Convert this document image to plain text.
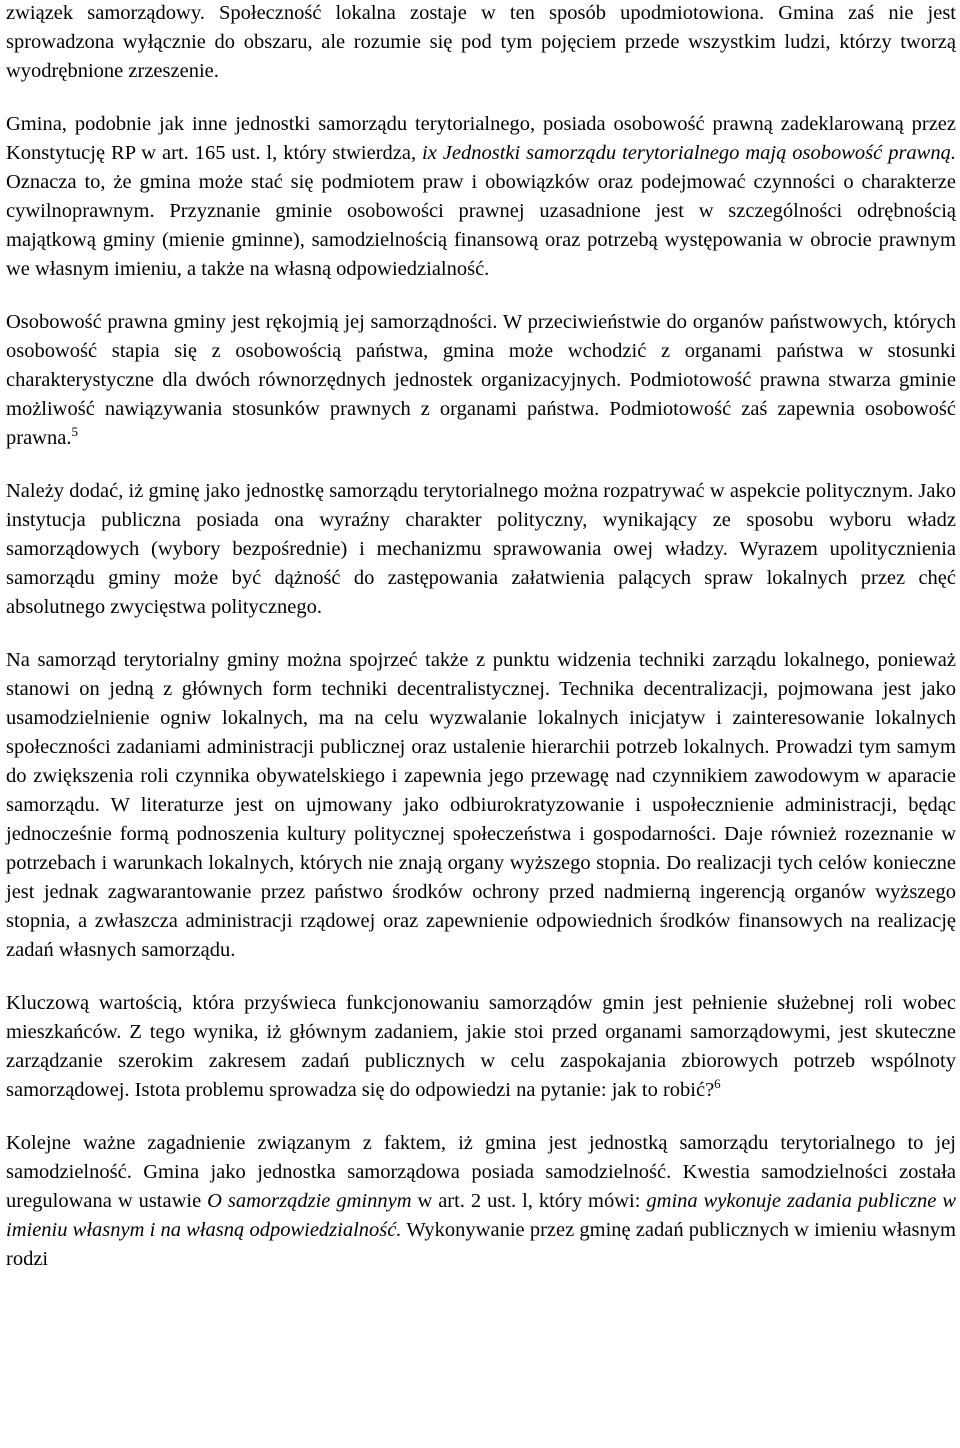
związek samorządowy. Społeczność lokalna zostaje w ten sposób upodmiotowiona. Gmina zaś nie jest sprowadzona wyłącznie do obszaru, ale rozumie się pod tym pojęciem przede wszystkim ludzi, którzy tworzą wyodrębnione zrzeszenie.

Gmina, podobnie jak inne jednostki samorządu terytorialnego, posiada osobowość prawną zadeklarowaną przez Konstytucję RP w art. 165 ust. l, który stwierdza, ix Jednostki samorządu terytorialnego mają osobowość prawną. Oznacza to, że gmina może stać się podmiotem praw i obowiązków oraz podejmować czynności o charakterze cywilnoprawnym. Przyznanie gminie osobowości prawnej uzasadnione jest w szczególności odrębnością majątkową gminy (mienie gminne), samodzielnością finansową oraz potrzebą występowania w obrocie prawnym we własnym imieniu, a także na własną odpowiedzialność.

Osobowość prawna gminy jest rękojmią jej samorządności. W przeciwieństwie do organów państwowych, których osobowość stapia się z osobowością państwa, gmina może wchodzić z organami państwa w stosunki charakterystyczne dla dwóch równorzędnych jednostek organizacyjnych. Podmiotowość prawna stwarza gminie możliwość nawiązywania stosunków prawnych z organami państwa. Podmiotowość zaś zapewnia osobowość prawna.$^5$

Należy dodać, iż gminę jako jednostkę samorządu terytorialnego można rozpatrywać w aspekcie politycznym. Jako instytucja publiczna posiada ona wyraźny charakter polityczny, wynikający ze sposobu wyboru władz samorządowych (wybory bezpośrednie) i mechanizmu sprawowania owej władzy. Wyrazem upolitycznienia samorządu gminy może być dążność do zastępowania załatwienia palących spraw lokalnych przez chęć absolutnego zwycięstwa politycznego.

Na samorząd terytorialny gminy można spojrzeć także z punktu widzenia techniki zarządu lokalnego, ponieważ stanowi on jedną z głównych form techniki decentralistycznej. Technika decentralizacji, pojmowana jest jako usamodzielnienie ogniw lokalnych, ma na celu wyzwalanie lokalnych inicjatyw i zainteresowanie lokalnych społeczności zadaniami administracji publicznej oraz ustalenie hierarchii potrzeb lokalnych. Prowadzi tym samym do zwiększenia roli czynnika obywatelskiego i zapewnia jego przewagę nad czynnikiem zawodowym w aparacie samorządu. W literaturze jest on ujmowany jako odbiurokratyzowanie i uspołecznienie administracji, będąc jednocześnie formą podnoszenia kultury politycznej społeczeństwa i gospodarności. Daje również rozeznanie w potrzebach i warunkach lokalnych, których nie znają organy wyższego stopnia. Do realizacji tych celów konieczne jest jednak zagwarantowanie przez państwo środków ochrony przed nadmierną ingerencją organów wyższego stopnia, a zwłaszcza administracji rządowej oraz zapewnienie odpowiednich środków finansowych na realizację zadań własnych samorządu.

Kluczową wartością, która przyświeca funkcjonowaniu samorządów gmin jest pełnienie służebnej roli wobec mieszkańców. Z tego wynika, iż głównym zadaniem, jakie stoi przed organami samorządowymi, jest skuteczne zarządzanie szerokim zakresem zadań publicznych w celu zaspokajania zbiorowych potrzeb wspólnoty samorządowej. Istota problemu sprowadza się do odpowiedzi na pytanie: jak to robić?$^6$

Kolejne ważne zagadnienie związanym z faktem, iż gmina jest jednostką samorządu terytorialnego to jej samodzielność. Gmina jako jednostka samorządowa posiada samodzielność. Kwestia samodzielności została uregulowana w ustawie O samorządzie gminnym w art. 2 ust. l, który mówi: gmina wykonuje zadania publiczne w imieniu własnym i na własną odpowiedzialność. Wykonywanie przez gminę zadań publicznych w imieniu własnym rodzi
